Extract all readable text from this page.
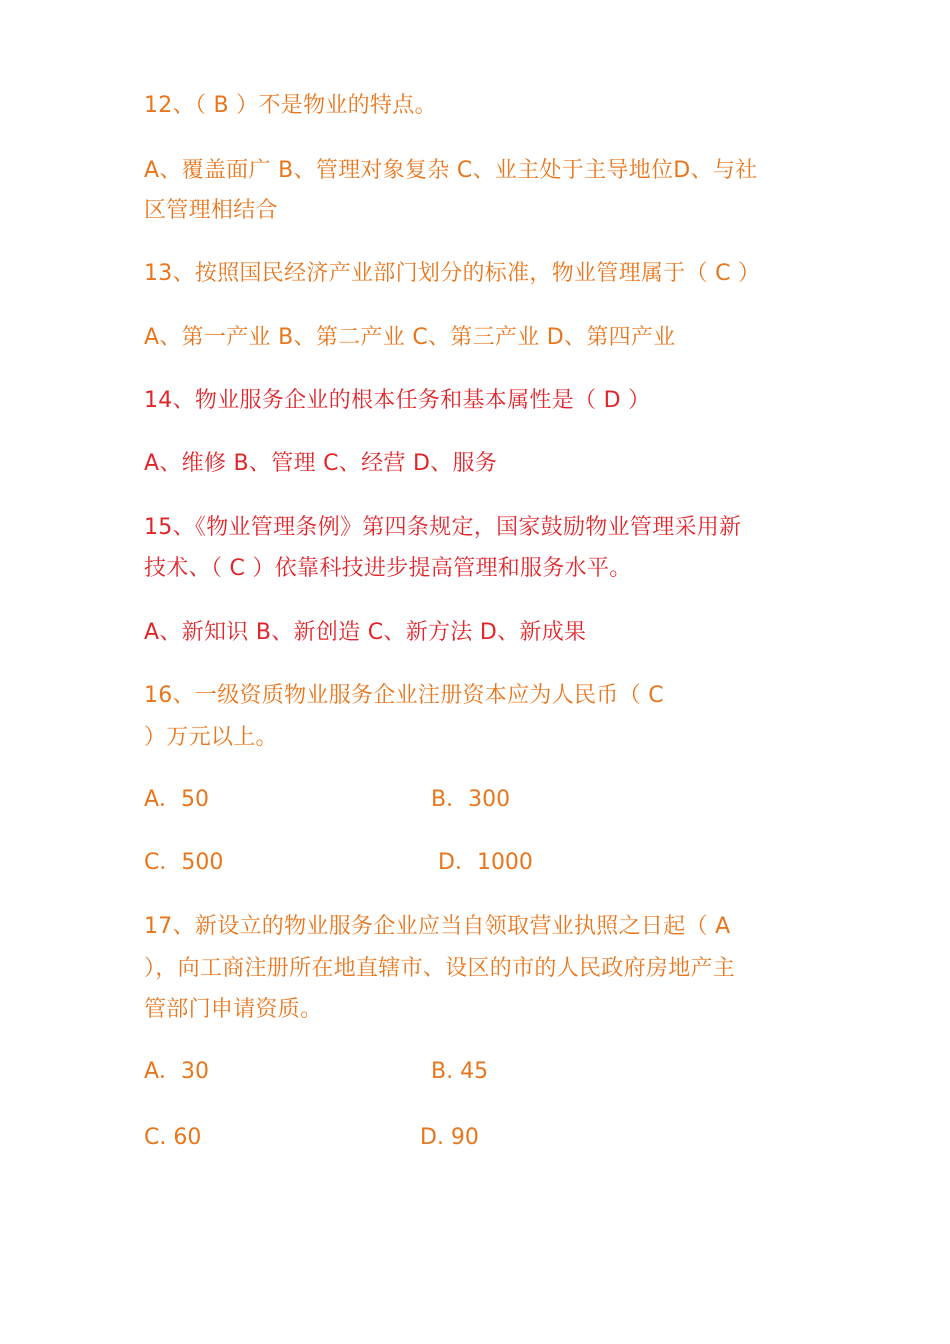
12、（ B ）不是物业的特点。
A、覆盖面广 B、管理对象复杂 C、业主处于主导地位D、与社
区管理相结合
13、按照国民经济产业部门划分的标准，物业管理属于（ C ）
A、第一产业 B、第二产业 C、第三产业 D、第四产业
14、物业服务企业的根本任务和基本属性是（ D ）
A、维修 B、管理 C、经营 D、服务
15、《物业管理条例》第四条规定，国家鼓励物业管理采用新
技术、（ C ）依靠科技进步提高管理和服务水平。
A、新知识 B、新创造 C、新方法 D、新成果
16、一级资质物业服务企业注册资本应为人民币（ C
）万元以上。
A．50	B．300
C．500	D．1000
17、新设立的物业服务企业应当自领取营业执照之日起（ A
），向工商注册所在地直辖市、设区的市的人民政府房地产主
管部门申请资质。
A．30	B. 45
C. 60	D. 90
